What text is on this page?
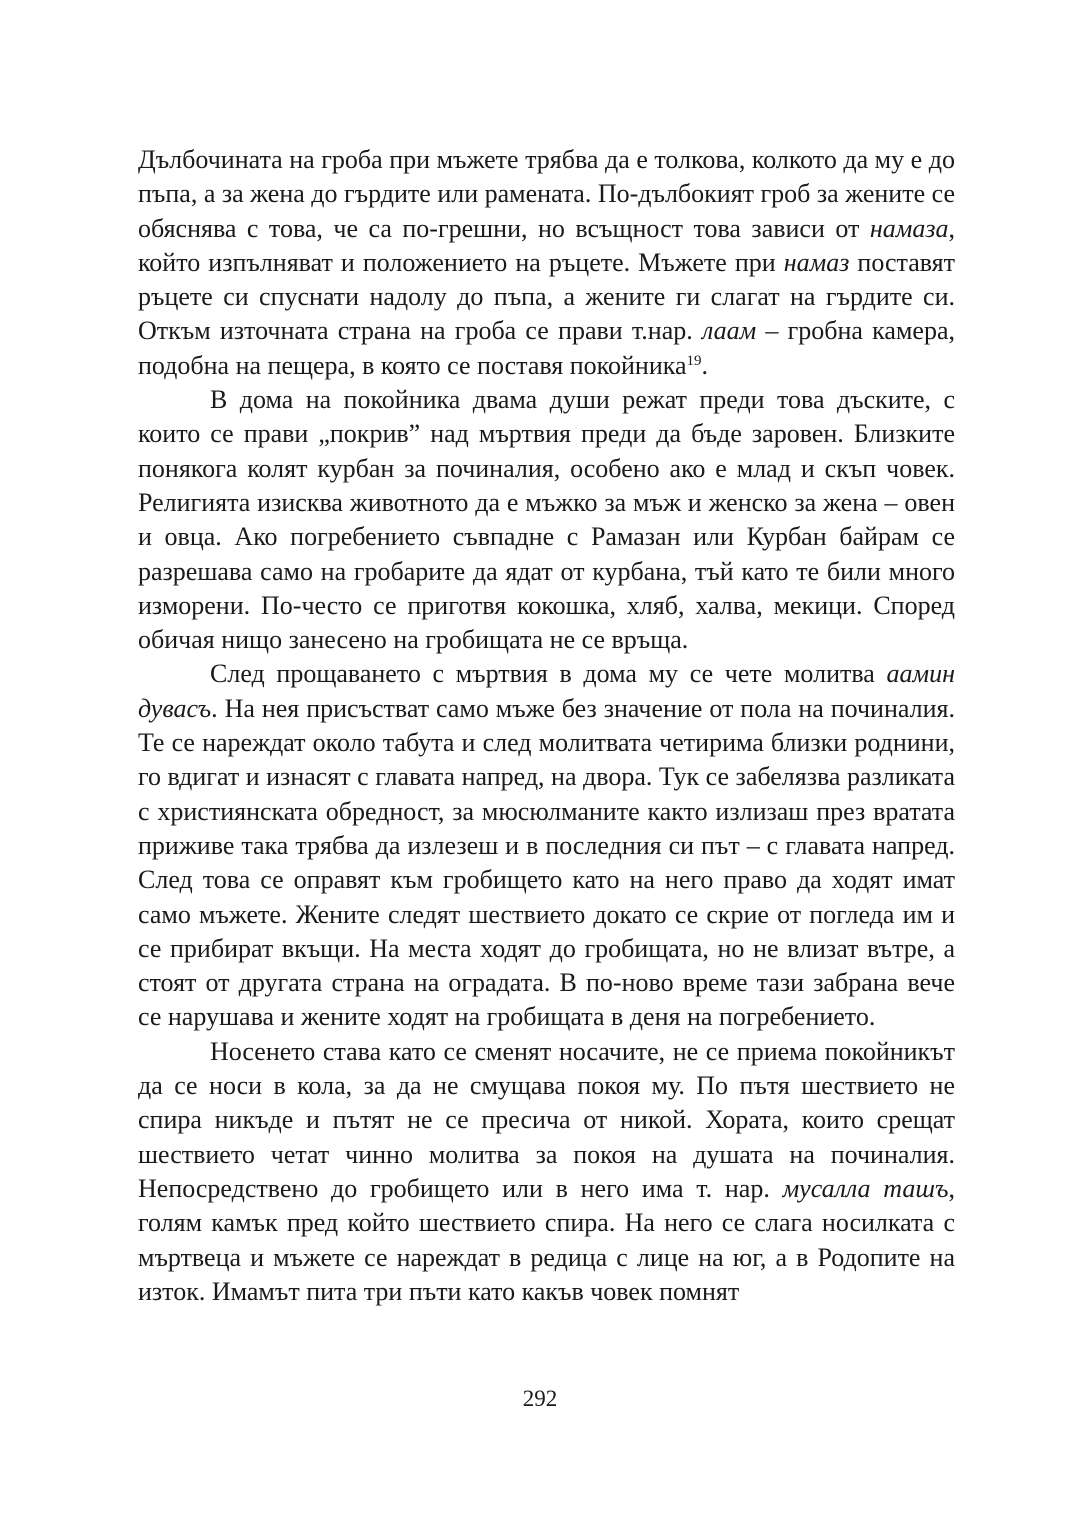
Дълбочината на гроба при мъжете трябва да е толкова, колкото да му е до пъпа, а за жена до гърдите или раменатa. По-дълбокият гроб за жените се обяснява с това, че са по-грешни, но всъщност това зависи от намаза, който изпълняват и положението на ръцете. Мъжете при намаз поставят ръцете си спуснати надолу до пъпа, а жените ги слагат на гърдите си. Откъм източната страна на гроба се прави т.нар. лаам – гробна камера, подобна на пещера, в която се поставя покойника$^{19}$.

В дома на покойника двама души режат преди това дъските, с които се прави „покрив” над мъртвия преди да бъде заровен. Близките понякога колят курбан за починалия, особено ако е млад и скъп човек. Религията изисква животното да е мъжко за мъж и женско за жена – овен и овца. Ако погребението съвпадне с Рамазан или Курбан байрам се разрешава само на гробарите да ядат от курбана, тъй като те били много изморени. По-често се приготвя кокошка, хляб, халва, мекици. Според обичая нищо занесено на гробищата не се връща.

След прощаването с мъртвия в дома му се чете молитва аамин дувасъ. На нея присъстват само мъже без значение от пола на починалия. Те се нареждат около табута и след молитвата четирима близки роднини, го вдигат и изнасят с главата напред, на двора. Тук се забелязва разликата с християнската обредност, за мюсюлманите както излизаш през вратата приживе така трябва да излезеш и в последния си път – с главата напред. След това се оправят към гробището като на него право да ходят имат само мъжете. Жените следят шествието докато се скрие от погледа им и се прибират вкъщи. На места ходят до гробищата, но не влизат вътре, а стоят от другата страна на оградата. В по-ново време тази забрана вече се нарушава и жените ходят на гробищата в деня на погребението.

Носенето става като се сменят носачите, не се приема покойникът да се носи в кола, за да не смущава покоя му. По пътя шествието не спира никъде и пътят не се пресича от никой. Хората, които срещат шествието четат чинно молитва за покоя на душата на починалия. Непосредствено до гробището или в него има т. нар. мусалла ташъ, голям камък пред който шествието спира. На него се слага носилката с мъртвеца и мъжете се нареждат в редица с лице на юг, а в Родопите на изток. Имамът пита три пъти като какъв човек помнят

292
